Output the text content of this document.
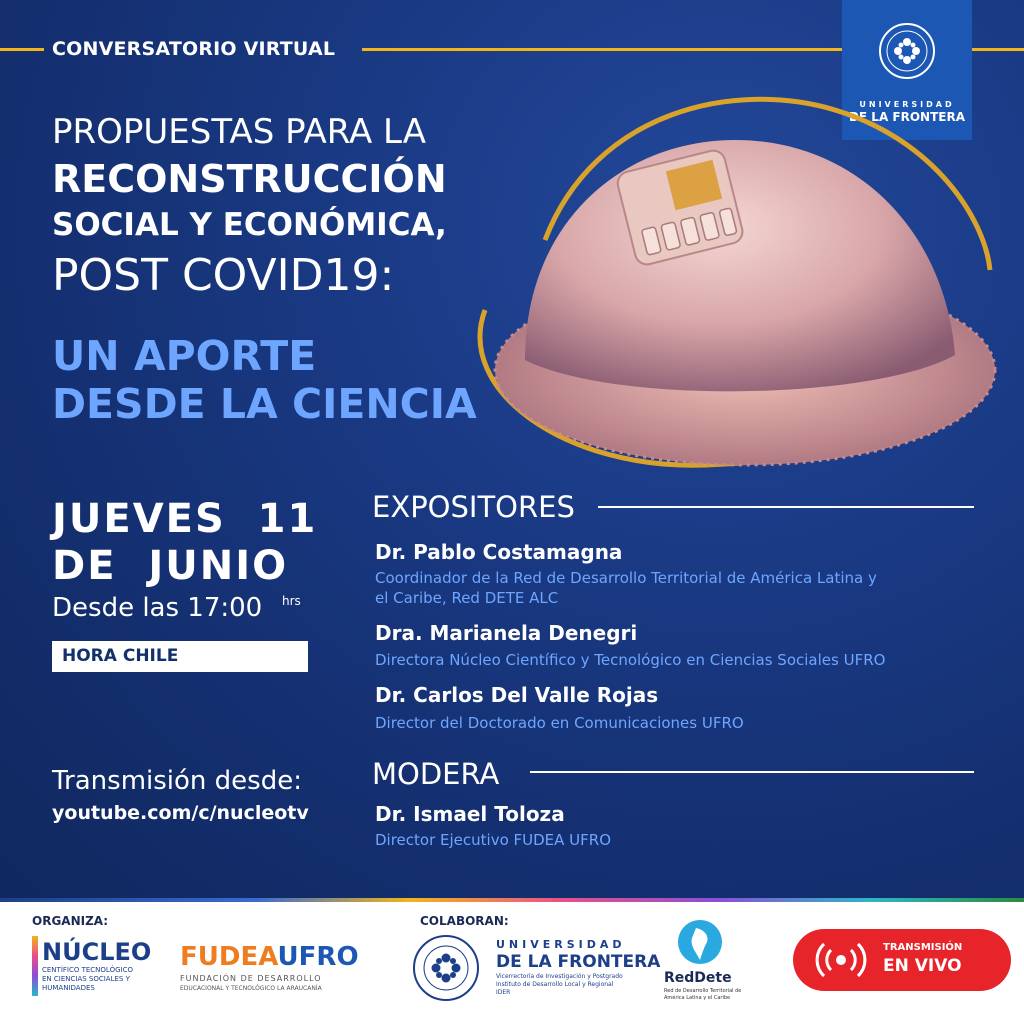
CONVERSATORIO VIRTUAL
UNIVERSIDAD
DE LA FRONTERA
PROPUESTAS PARA LA
RECONSTRUCCIÓN
SOCIAL Y ECONÓMICA,
POST COVID19:
UN APORTE
DESDE LA CIENCIA
JUEVES  11
DE  JUNIO
Desde las 17:00 hrs
HORA CHILE
Transmisión desde:
youtube.com/c/nucleotv
EXPOSITORES
Dr. Pablo Costamagna
Coordinador de la Red de Desarrollo Territorial de América Latina y
el Caribe, Red DETE ALC
Dra. Marianela Denegri
Directora Núcleo Científico y Tecnológico en Ciencias Sociales UFRO
Dr. Carlos Del Valle Rojas
Director del Doctorado en Comunicaciones UFRO
MODERA
Dr. Ismael Toloza
Director Ejecutivo FUDEA UFRO
ORGANIZA:
NÚCLEO
CENTÍFICO TECNOLÓGICO
EN CIENCIAS SOCIALES Y
HUMANIDADES
FUDEAUFRO
FUNDACIÓN DE DESARROLLO
EDUCACIONAL Y TECNOLÓGICO LA ARAUCANÍA
COLABORAN:
UNIVERSIDAD
DE LA FRONTERA
Vicerrectoría de Investigación y Postgrado
Instituto de Desarrollo Local y Regional
IDER
RedDete
Red de Desarrollo Territorial de
América Latina y el Caribe
TRANSMISIÓN
EN VIVO
